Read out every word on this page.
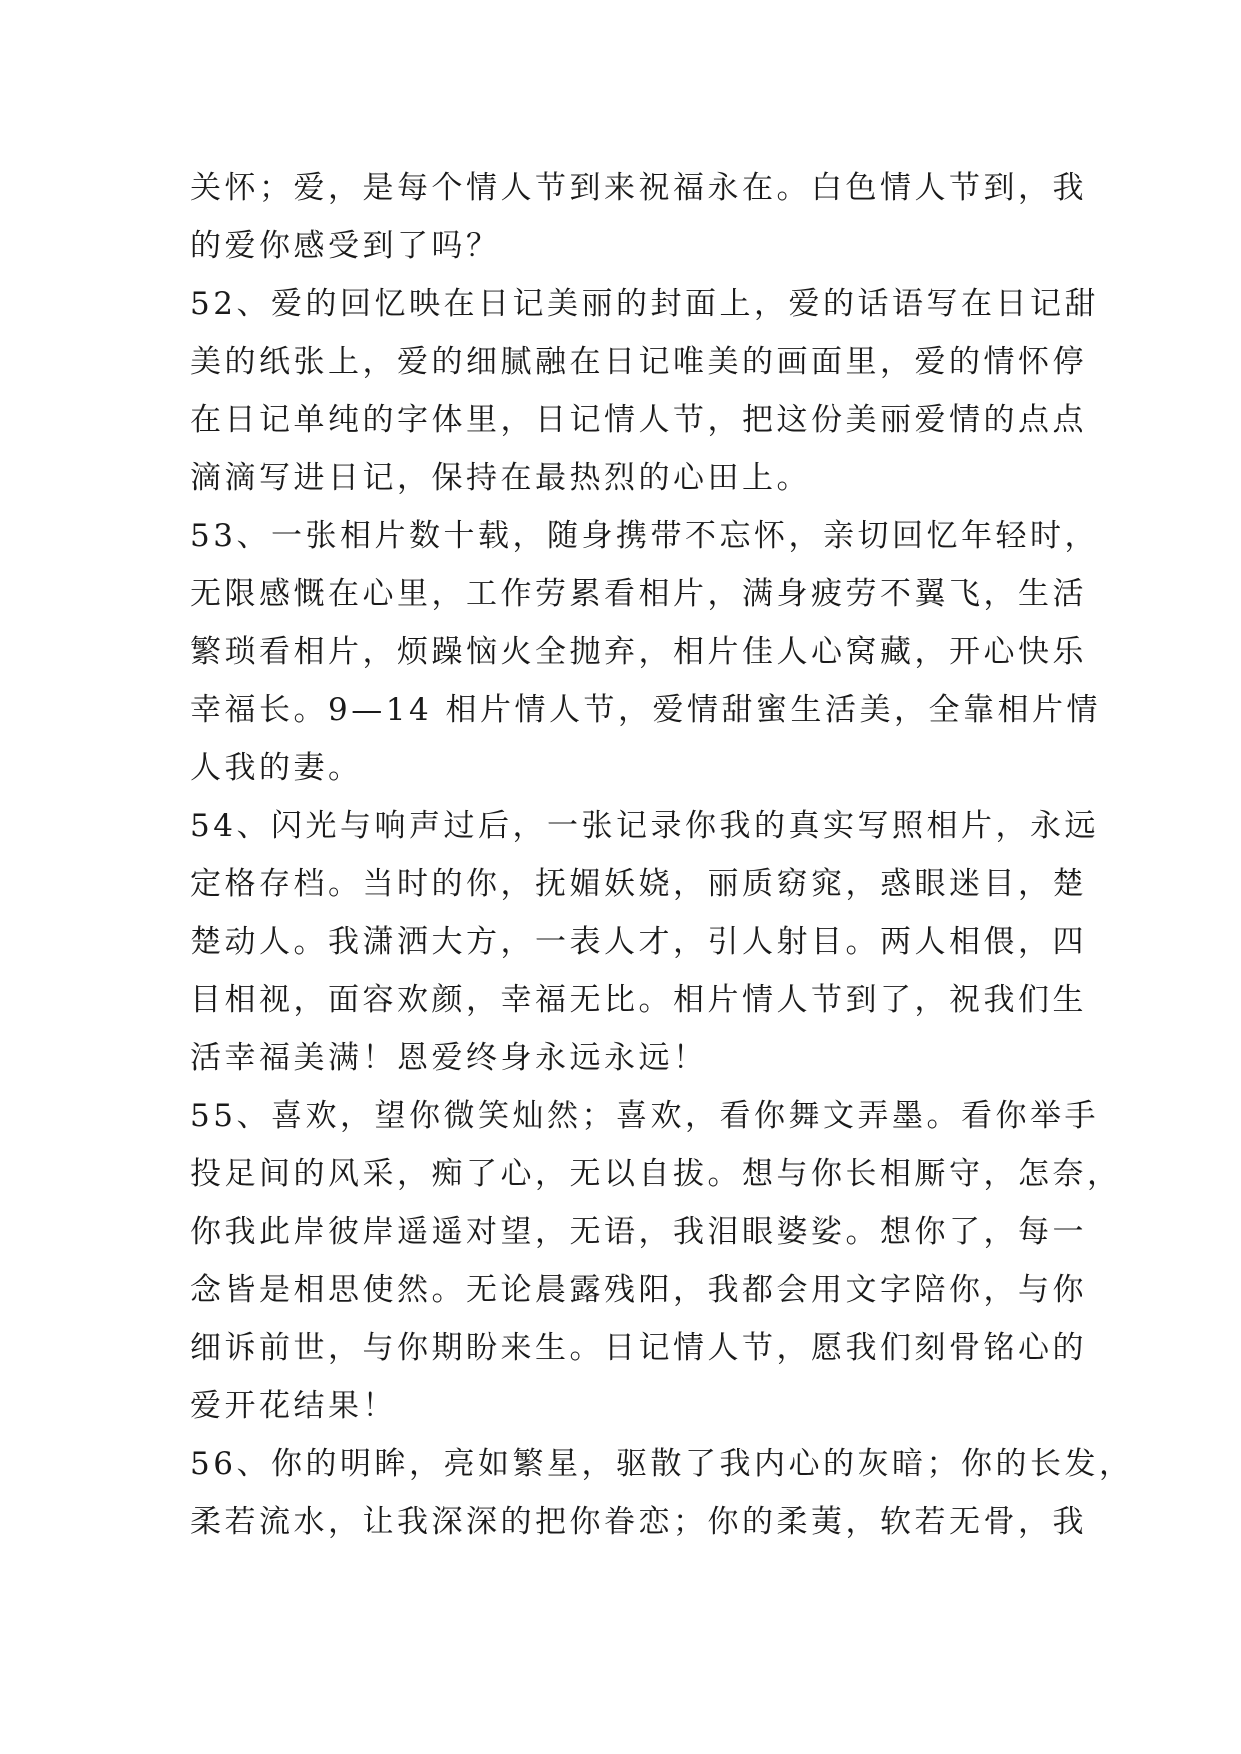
关怀；爱，是每个情人节到来祝福永在。白色情人节到，我
的爱你感受到了吗？
52、爱的回忆映在日记美丽的封面上，爱的话语写在日记甜
美的纸张上，爱的细腻融在日记唯美的画面里，爱的情怀停
在日记单纯的字体里，日记情人节，把这份美丽爱情的点点
滴滴写进日记，保持在最热烈的心田上。
53、一张相片数十载，随身携带不忘怀，亲切回忆年轻时，
无限感慨在心里，工作劳累看相片，满身疲劳不翼飞，生活
繁琐看相片，烦躁恼火全抛弃，相片佳人心窝藏，开心快乐
幸福长。9—14 相片情人节，爱情甜蜜生活美，全靠相片情
人我的妻。
54、闪光与响声过后，一张记录你我的真实写照相片，永远
定格存档。当时的你，抚媚妖娆，丽质窈窕，惑眼迷目，楚
楚动人。我潇洒大方，一表人才，引人射目。两人相偎，四
目相视，面容欢颜，幸福无比。相片情人节到了，祝我们生
活幸福美满！恩爱终身永远永远！
55、喜欢，望你微笑灿然；喜欢，看你舞文弄墨。看你举手
投足间的风采，痴了心，无以自拔。想与你长相厮守，怎奈，
你我此岸彼岸遥遥对望，无语，我泪眼婆娑。想你了，每一
念皆是相思使然。无论晨露残阳，我都会用文字陪你，与你
细诉前世，与你期盼来生。日记情人节，愿我们刻骨铭心的
爱开花结果！
56、你的明眸，亮如繁星，驱散了我内心的灰暗；你的长发，
柔若流水，让我深深的把你眷恋；你的柔荑，软若无骨，我
